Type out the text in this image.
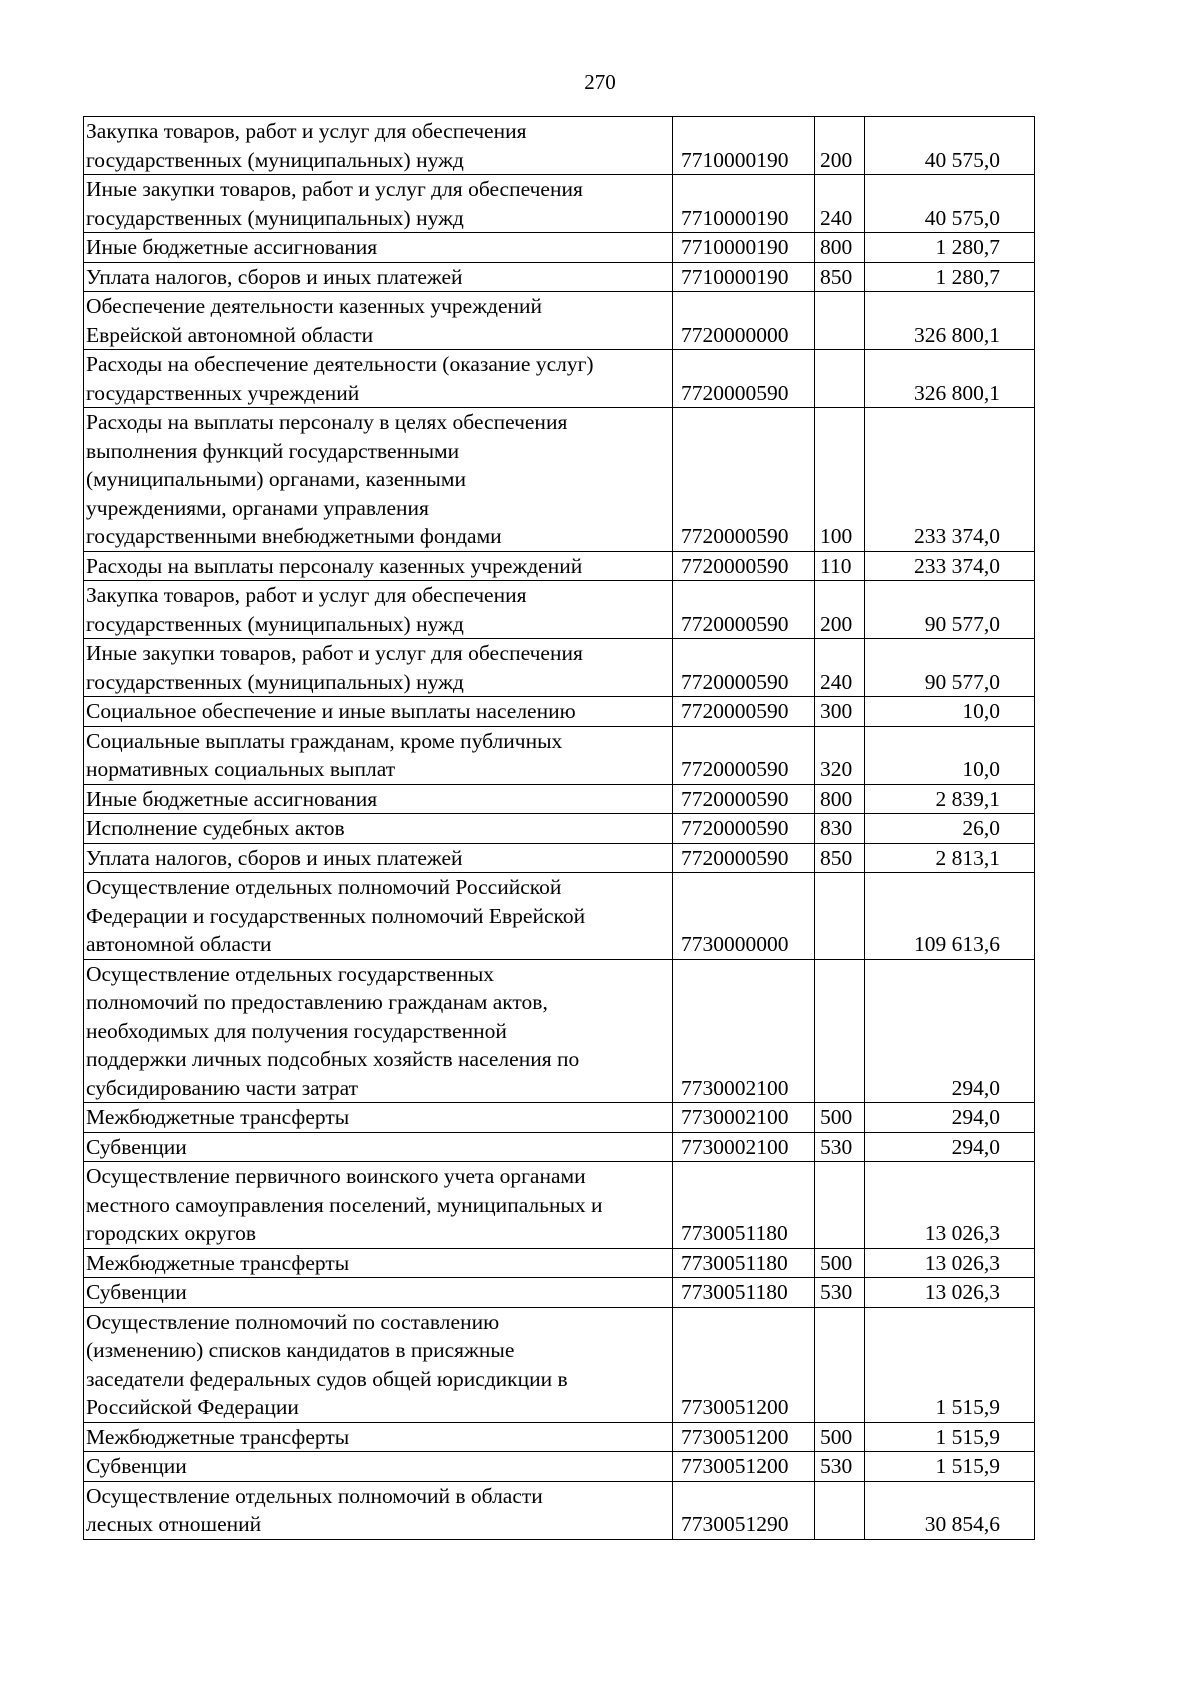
270
Закупка товаров, работ и услуг для обеспечения
государственных (муниципальных) нужд	7710000190	200	40 575,0
Иные закупки товаров, работ и услуг для обеспечения
государственных (муниципальных) нужд	7710000190	240	40 575,0
Иные бюджетные ассигнования	7710000190	800	1 280,7
Уплата налогов, сборов и иных платежей	7710000190	850	1 280,7
Обеспечение деятельности казенных учреждений
Еврейской автономной области	7720000000		326 800,1
Расходы на обеспечение деятельности (оказание услуг)
государственных учреждений	7720000590		326 800,1
Расходы на выплаты персоналу в целях обеспечения
выполнения функций государственными
(муниципальными) органами, казенными
учреждениями, органами управления
государственными внебюджетными фондами	7720000590	100	233 374,0
Расходы на выплаты персоналу казенных учреждений	7720000590	110	233 374,0
Закупка товаров, работ и услуг для обеспечения
государственных (муниципальных) нужд	7720000590	200	90 577,0
Иные закупки товаров, работ и услуг для обеспечения
государственных (муниципальных) нужд	7720000590	240	90 577,0
Социальное обеспечение и иные выплаты населению	7720000590	300	10,0
Социальные выплаты гражданам, кроме публичных
нормативных социальных выплат	7720000590	320	10,0
Иные бюджетные ассигнования	7720000590	800	2 839,1
Исполнение судебных актов	7720000590	830	26,0
Уплата налогов, сборов и иных платежей	7720000590	850	2 813,1
Осуществление отдельных полномочий Российской
Федерации и государственных полномочий Еврейской
автономной области	7730000000		109 613,6
Осуществление отдельных государственных
полномочий по предоставлению гражданам актов,
необходимых для получения государственной
поддержки личных подсобных хозяйств населения по
субсидированию части затрат	7730002100		294,0
Межбюджетные трансферты	7730002100	500	294,0
Субвенции	7730002100	530	294,0
Осуществление первичного воинского учета органами
местного самоуправления поселений, муниципальных и
городских округов	7730051180		13 026,3
Межбюджетные трансферты	7730051180	500	13 026,3
Субвенции	7730051180	530	13 026,3
Осуществление полномочий по составлению
(изменению) списков кандидатов в присяжные
заседатели федеральных судов общей юрисдикции в
Российской Федерации	7730051200		1 515,9
Межбюджетные трансферты	7730051200	500	1 515,9
Субвенции	7730051200	530	1 515,9
Осуществление отдельных полномочий в области
лесных отношений	7730051290		30 854,6
